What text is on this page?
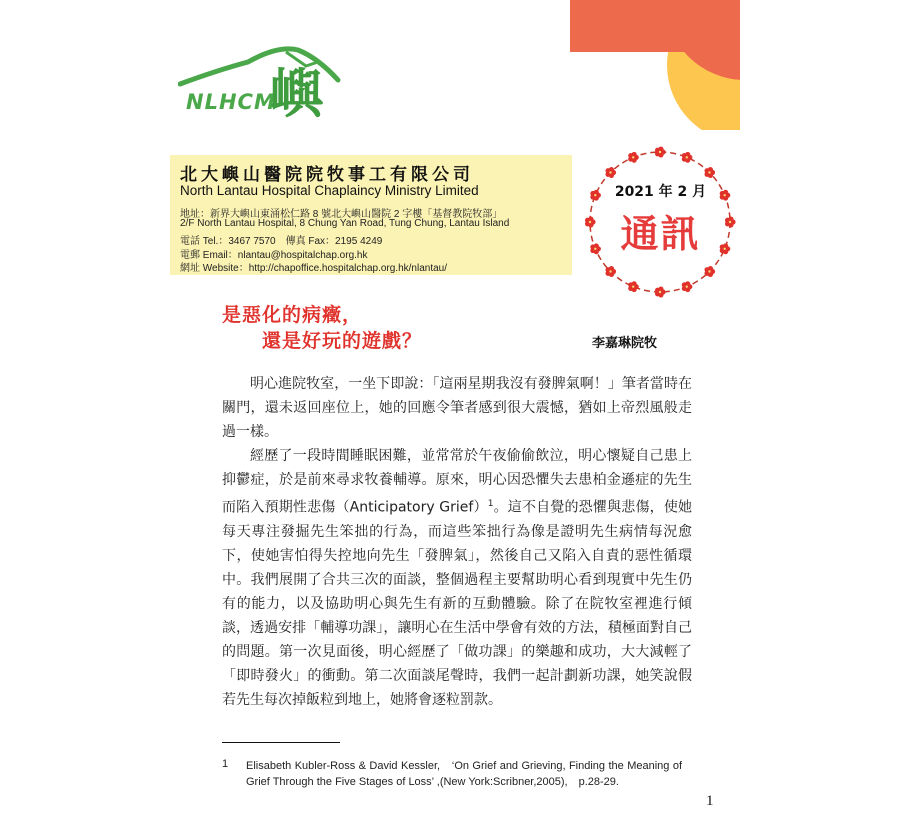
NLHCM
嶼
北大嶼山醫院院牧事工有限公司
North Lantau Hospital Chaplaincy Ministry Limited
地址：新界大嶼山東涌松仁路 8 號北大嶼山醫院 2 字樓「基督教院牧部」
2/F North Lantau Hospital, 8 Chung Yan Road, Tung Chung, Lantau Island
電話 Tel.：3467 7570　傳真 Fax：2195 4249
電郵 Email：nlantau@hospitalchap.org.hk
網址 Website：http://chapoffice.hospitalchap.org.hk/nlantau/
2021 年 2 月
通訊
是惡化的病癥，
還是好玩的遊戲？	李嘉琳院牧

明心進院牧室，一坐下即說：「這兩星期我沒有發脾氣啊！」筆者當時在關門，還未返回座位上，她的回應令筆者感到很大震憾，猶如上帝烈風般走過一樣。

經歷了一段時間睡眠困難，並常常於午夜偷偷飲泣，明心懷疑自己患上抑鬱症，於是前來尋求牧養輔導。原來，明心因恐懼失去患柏金遜症的先生而陷入預期性悲傷（Anticipatory Grief）$^1$。這不自覺的恐懼與悲傷，使她每天專注發掘先生笨拙的行為，而這些笨拙行為像是證明先生病情每況愈下，使她害怕得失控地向先生「發脾氣」，然後自己又陷入自責的惡性循環中。我們展開了合共三次的面談，整個過程主要幫助明心看到現實中先生仍有的能力，以及協助明心與先生有新的互動體驗。除了在院牧室裡進行傾談，透過安排「輔導功課」，讓明心在生活中學會有效的方法，積極面對自己的問題。第一次見面後，明心經歷了「做功課」的樂趣和成功，大大減輕了「即時發火」的衝動。第二次面談尾聲時，我們一起計劃新功課，她笑說假若先生每次掉飯粒到地上，她將會逐粒罰款。

1 Elisabeth Kubler-Ross & David Kessler,　‘On Grief and Grieving, Finding the Meaning of Grief Through the Five Stages of Loss’ ,(New York:Scribner,2005),　p.28-29.

1
